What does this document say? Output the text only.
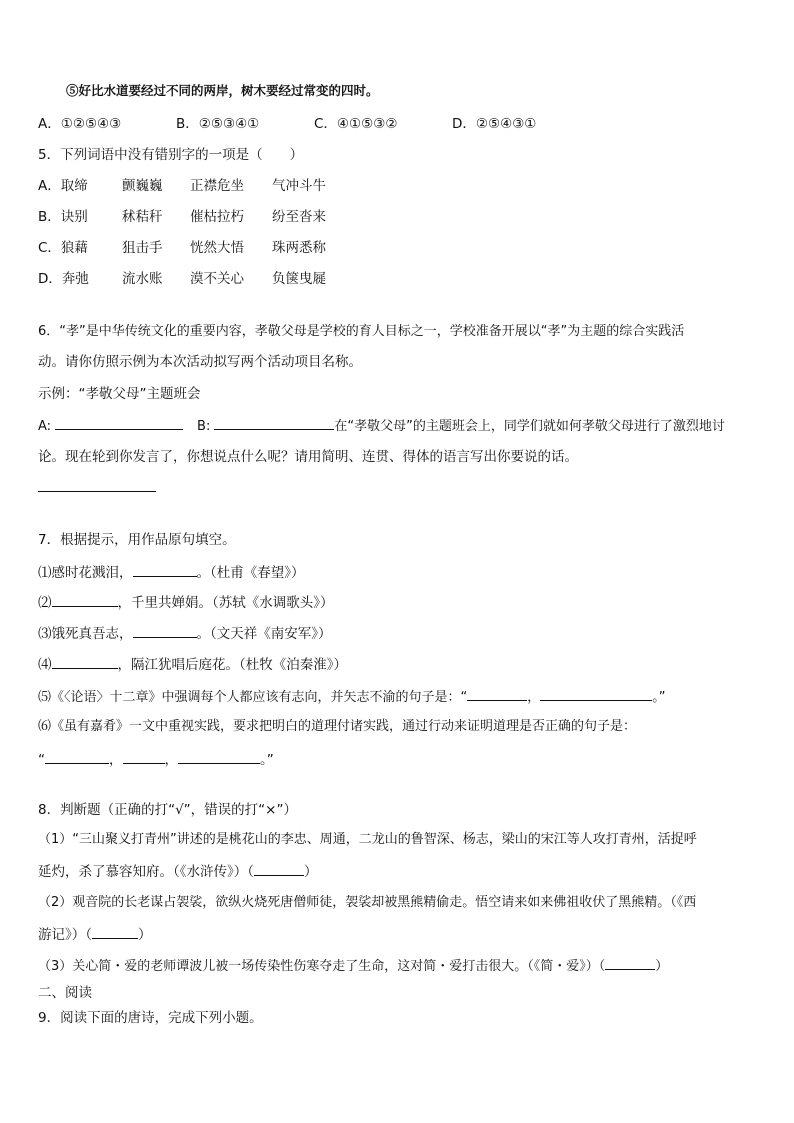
⑤好比水道要经过不同的两岸，树木要经过常变的四时。
A．①②⑤④③	B．②⑤③④①	C．④①⑤③②	D．②⑤④③①
5．下列词语中没有错别字的一项是（　　）
A．取缔	颤巍巍 正襟危坐 气冲斗牛
B．诀别	秫秸秆 催枯拉朽 纷至沓来
C．狼藉	狙击手 恍然大悟 珠两悉称
D．奔弛 流水账 漠不关心 负箧曳屣
6．“孝”是中华传统文化的重要内容，孝敬父母是学校的育人目标之一，学校准备开展以“孝”为主题的综合实践活
动。请你仿照示例为本次活动拟写两个活动项目名称。
示例：“孝敬父母”主题班会
A:	B:	在“孝敬父母”的主题班会上，同学们就如何孝敬父母进行了激烈地讨
论。现在轮到你发言了，你想说点什么呢？请用简明、连贯、得体的语言写出你要说的话。
7．根据提示，用作品原句填空。
⑴感时花溅泪，	。（杜甫《春望》）
⑵	，千里共婵娟。（苏轼《水调歌头》）
⑶饿死真吾志，	。（文天祥《南安军》）
⑷	，隔江犹唱后庭花。（杜牧《泊秦淮》）
⑸《〈论语〉十二章》中强调每个人都应该有志向，并矢志不渝的句子是：“	，	。”
⑹《虽有嘉肴》一文中重视实践，要求把明白的道理付诸实践，通过行动来证明道理是否正确的句子是：
“	，	，	。”
8．判断题（正确的打“√”，错误的打“×”）
（1）“三山聚义打青州”讲述的是桃花山的李忠、周通，二龙山的鲁智深、杨志，梁山的宋江等人攻打青州，活捉呼
延灼，杀了慕容知府。（《水浒传》）（	）
（2）观音院的长老谋占袈裟，欲纵火烧死唐僧师徒，袈裟却被黑熊精偷走。悟空请来如来佛祖收伏了黑熊精。（《西
游记》）（	）
（3）关心简・爱的老师谭波儿被一场传染性伤寒夺走了生命，这对简・爱打击很大。（《简・爱》）（	）
二、阅读
9．阅读下面的唐诗，完成下列小题。
